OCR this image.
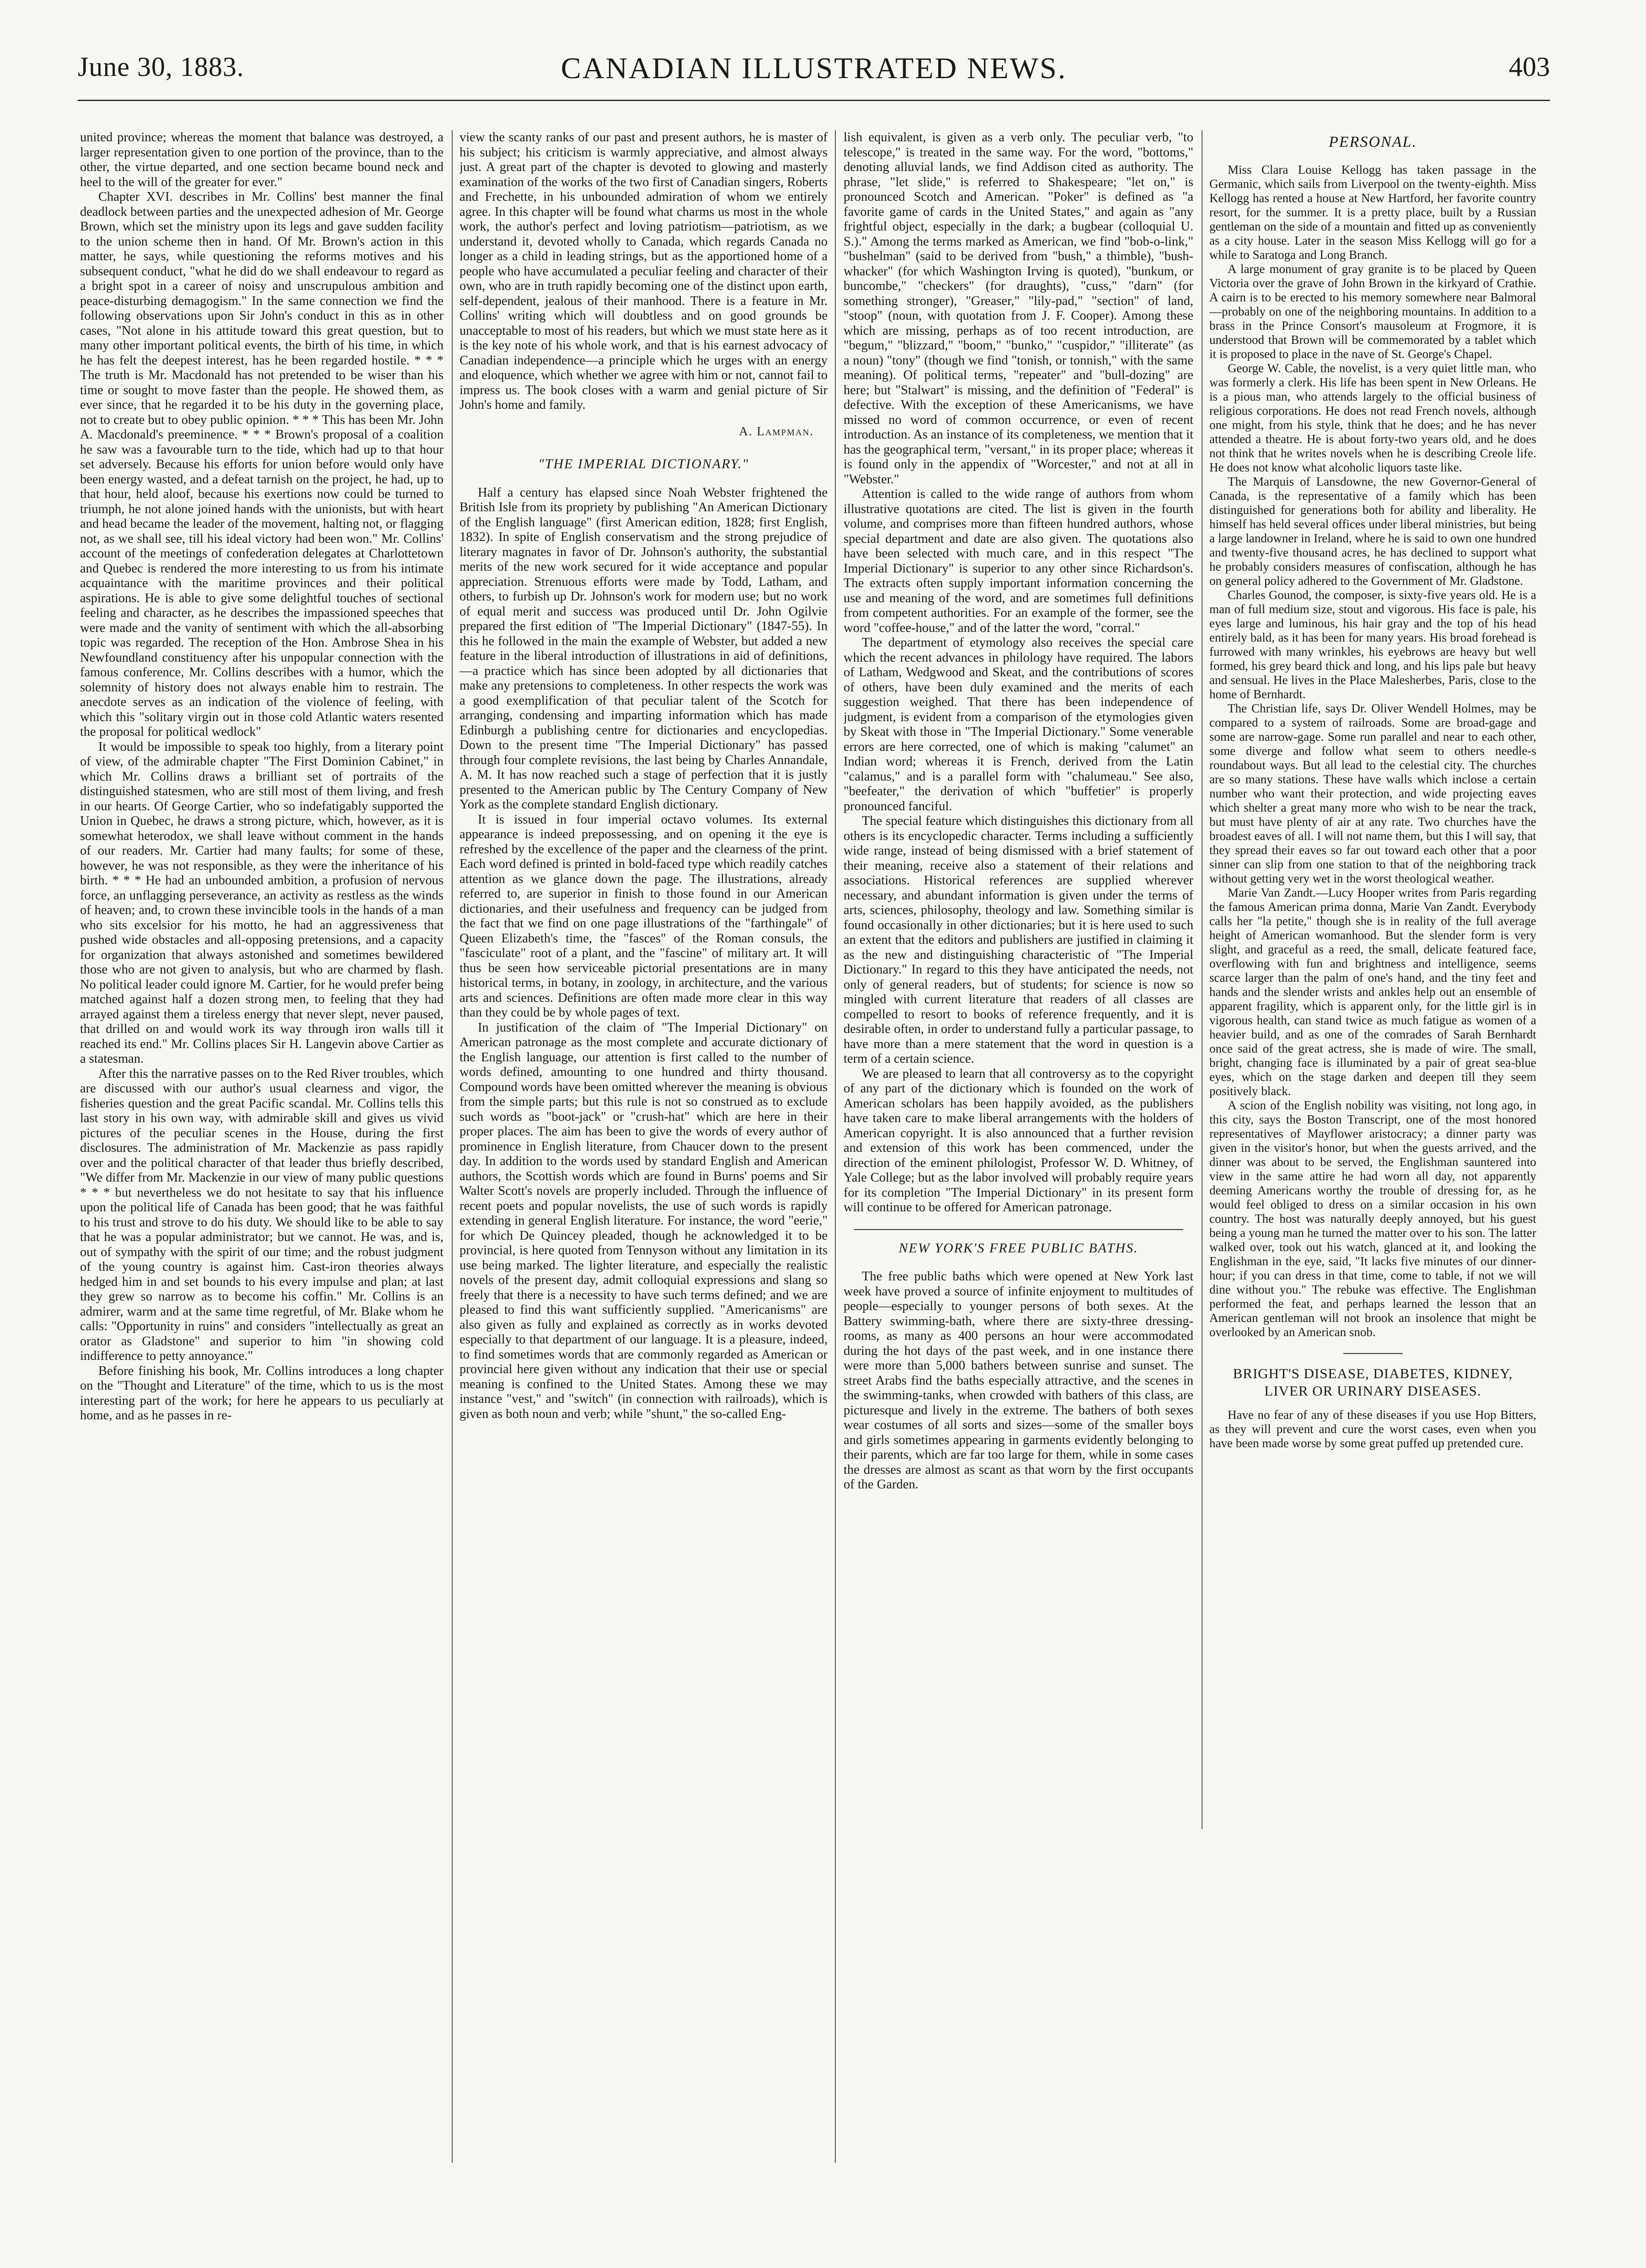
June 30, 1883.	CANADIAN ILLUSTRATED NEWS.	403

united province; whereas the moment that balance was destroyed, a larger representation given to one portion of the province, than to the other, the virtue departed, and one section became bound neck and heel to the will of the greater for ever."

Chapter XVI. describes in Mr. Collins' best manner the final deadlock between parties and the unexpected adhesion of Mr. George Brown, which set the ministry upon its legs and gave sudden facility to the union scheme then in hand. Of Mr. Brown's action in this matter, he says, while questioning the reforms motives and his subsequent conduct, "what he did do we shall endeavour to regard as a bright spot in a career of noisy and unscrupulous ambition and peace-disturbing demagogism." In the same connection we find the following observations upon Sir John's conduct in this as in other cases, "Not alone in his attitude toward this great question, but to many other important political events, the birth of his time, in which he has felt the deepest interest, has he been regarded hostile. * * * The truth is Mr. Macdonald has not pretended to be wiser than his time or sought to move faster than the people. He showed them, as ever since, that he regarded it to be his duty in the governing place, not to create but to obey public opinion. * * * This has been Mr. John A. Macdonald's preeminence. * * * Brown's proposal of a coalition he saw was a favourable turn to the tide, which had up to that hour set adversely. Because his efforts for union before would only have been energy wasted, and a defeat tarnish on the project, he had, up to that hour, held aloof, because his exertions now could be turned to triumph, he not alone joined hands with the unionists, but with heart and head became the leader of the movement, halting not, or flagging not, as we shall see, till his ideal victory had been won." Mr. Collins' account of the meetings of confederation delegates at Charlottetown and Quebec is rendered the more interesting to us from his intimate acquaintance with the maritime provinces and their political aspirations. He is able to give some delightful touches of sectional feeling and character, as he describes the impassioned speeches that were made and the vanity of sentiment with which the all-absorbing topic was regarded. The reception of the Hon. Ambrose Shea in his Newfoundland constituency after his unpopular connection with the famous conference, Mr. Collins describes with a humor, which the solemnity of history does not always enable him to restrain. The anecdote serves as an indication of the violence of feeling, with which this "solitary virgin out in those cold Atlantic waters resented the proposal for political wedlock"

It would be impossible to speak too highly, from a literary point of view, of the admirable chapter "The First Dominion Cabinet," in which Mr. Collins draws a brilliant set of portraits of the distinguished statesmen, who are still most of them living, and fresh in our hearts. Of George Cartier, who so indefatigably supported the Union in Quebec, he draws a strong picture, which, however, as it is somewhat heterodox, we shall leave without comment in the hands of our readers. Mr. Cartier had many faults; for some of these, however, he was not responsible, as they were the inheritance of his birth. * * * He had an unbounded ambition, a profusion of nervous force, an unflagging perseverance, an activity as restless as the winds of heaven; and, to crown these invincible tools in the hands of a man who sits excelsior for his motto, he had an aggressiveness that pushed wide obstacles and all-opposing pretensions, and a capacity for organization that always astonished and sometimes bewildered those who are not given to analysis, but who are charmed by flash. No political leader could ignore M. Cartier, for he would prefer being matched against half a dozen strong men, to feeling that they had arrayed against them a tireless energy that never slept, never paused, that drilled on and would work its way through iron walls till it reached its end." Mr. Collins places Sir H. Langevin above Cartier as a statesman.

After this the narrative passes on to the Red River troubles, which are discussed with our author's usual clearness and vigor, the fisheries question and the great Pacific scandal. Mr. Collins tells this last story in his own way, with admirable skill and gives us vivid pictures of the peculiar scenes in the House, during the first disclosures. The administration of Mr. Mackenzie as pass rapidly over and the political character of that leader thus briefly described, "We differ from Mr. Mackenzie in our view of many public questions * * * but nevertheless we do not hesitate to say that his influence upon the political life of Canada has been good; that he was faithful to his trust and strove to do his duty. We should like to be able to say that he was a popular administrator; but we cannot. He was, and is, out of sympathy with the spirit of our time; and the robust judgment of the young country is against him. Cast-iron theories always hedged him in and set bounds to his every impulse and plan; at last they grew so narrow as to become his coffin." Mr. Collins is an admirer, warm and at the same time regretful, of Mr. Blake whom he calls: "Opportunity in ruins" and considers "intellectually as great an orator as Gladstone" and superior to him "in showing cold indifference to petty annoyance."

Before finishing his book, Mr. Collins introduces a long chapter on the "Thought and Literature" of the time, which to us is the most interesting part of the work; for here he appears to us peculiarly at home, and as he passes in re-

view the scanty ranks of our past and present authors, he is master of his subject; his criticism is warmly appreciative, and almost always just. A great part of the chapter is devoted to glowing and masterly examination of the works of the two first of Canadian singers, Roberts and Frechette, in his unbounded admiration of whom we entirely agree. In this chapter will be found what charms us most in the whole work, the author's perfect and loving patriotism—patriotism, as we understand it, devoted wholly to Canada, which regards Canada no longer as a child in leading strings, but as the apportioned home of a people who have accumulated a peculiar feeling and character of their own, who are in truth rapidly becoming one of the distinct upon earth, self-dependent, jealous of their manhood. There is a feature in Mr. Collins' writing which will doubtless and on good grounds be unacceptable to most of his readers, but which we must state here as it is the key note of his whole work, and that is his earnest advocacy of Canadian independence—a principle which he urges with an energy and eloquence, which whether we agree with him or not, cannot fail to impress us. The book closes with a warm and genial picture of Sir John's home and family.

A. Lampman.
"THE IMPERIAL DICTIONARY."

Half a century has elapsed since Noah Webster frightened the British Isle from its propriety by publishing "An American Dictionary of the English language" (first American edition, 1828; first English, 1832). In spite of English conservatism and the strong prejudice of literary magnates in favor of Dr. Johnson's authority, the substantial merits of the new work secured for it wide acceptance and popular appreciation. Strenuous efforts were made by Todd, Latham, and others, to furbish up Dr. Johnson's work for modern use; but no work of equal merit and success was produced until Dr. John Ogilvie prepared the first edition of "The Imperial Dictionary" (1847-55). In this he followed in the main the example of Webster, but added a new feature in the liberal introduction of illustrations in aid of definitions,—a practice which has since been adopted by all dictionaries that make any pretensions to completeness. In other respects the work was a good exemplification of that peculiar talent of the Scotch for arranging, condensing and imparting information which has made Edinburgh a publishing centre for dictionaries and encyclopedias. Down to the present time "The Imperial Dictionary" has passed through four complete revisions, the last being by Charles Annandale, A. M. It has now reached such a stage of perfection that it is justly presented to the American public by The Century Company of New York as the complete standard English dictionary.

It is issued in four imperial octavo volumes. Its external appearance is indeed prepossessing, and on opening it the eye is refreshed by the excellence of the paper and the clearness of the print. Each word defined is printed in bold-faced type which readily catches attention as we glance down the page. The illustrations, already referred to, are superior in finish to those found in our American dictionaries, and their usefulness and frequency can be judged from the fact that we find on one page illustrations of the "farthingale" of Queen Elizabeth's time, the "fasces" of the Roman consuls, the "fasciculate" root of a plant, and the "fascine" of military art. It will thus be seen how serviceable pictorial presentations are in many historical terms, in botany, in zoology, in architecture, and the various arts and sciences. Definitions are often made more clear in this way than they could be by whole pages of text.

In justification of the claim of "The Imperial Dictionary" on American patronage as the most complete and accurate dictionary of the English language, our attention is first called to the number of words defined, amounting to one hundred and thirty thousand. Compound words have been omitted wherever the meaning is obvious from the simple parts; but this rule is not so construed as to exclude such words as "boot-jack" or "crush-hat" which are here in their proper places. The aim has been to give the words of every author of prominence in English literature, from Chaucer down to the present day. In addition to the words used by standard English and American authors, the Scottish words which are found in Burns' poems and Sir Walter Scott's novels are properly included. Through the influence of recent poets and popular novelists, the use of such words is rapidly extending in general English literature. For instance, the word "eerie," for which De Quincey pleaded, though he acknowledged it to be provincial, is here quoted from Tennyson without any limitation in its use being marked. The lighter literature, and especially the realistic novels of the present day, admit colloquial expressions and slang so freely that there is a necessity to have such terms defined; and we are pleased to find this want sufficiently supplied. "Americanisms" are also given as fully and explained as correctly as in works devoted especially to that department of our language. It is a pleasure, indeed, to find sometimes words that are commonly regarded as American or provincial here given without any indication that their use or special meaning is confined to the United States. Among these we may instance "vest," and "switch" (in connection with railroads), which is given as both noun and verb; while "shunt," the so-called Eng-

lish equivalent, is given as a verb only. The peculiar verb, "to telescope," is treated in the same way. For the word, "bottoms," denoting alluvial lands, we find Addison cited as authority. The phrase, "let slide," is referred to Shakespeare; "let on," is pronounced Scotch and American. "Poker" is defined as "a favorite game of cards in the United States," and again as "any frightful object, especially in the dark; a bugbear (colloquial U. S.)." Among the terms marked as American, we find "bob-o-link," "bushelman" (said to be derived from "bush," a thimble), "bush-whacker" (for which Washington Irving is quoted), "bunkum, or buncombe," "checkers" (for draughts), "cuss," "darn" (for something stronger), "Greaser," "lily-pad," "section" of land, "stoop" (noun, with quotation from J. F. Cooper). Among these which are missing, perhaps as of too recent introduction, are "begum," "blizzard," "boom," "bunko," "cuspidor," "illiterate" (as a noun) "tony" (though we find "tonish, or tonnish," with the same meaning). Of political terms, "repeater" and "bull-dozing" are here; but "Stalwart" is missing, and the definition of "Federal" is defective. With the exception of these Americanisms, we have missed no word of common occurrence, or even of recent introduction. As an instance of its completeness, we mention that it has the geographical term, "versant," in its proper place; whereas it is found only in the appendix of "Worcester," and not at all in "Webster."

Attention is called to the wide range of authors from whom illustrative quotations are cited. The list is given in the fourth volume, and comprises more than fifteen hundred authors, whose special department and date are also given. The quotations also have been selected with much care, and in this respect "The Imperial Dictionary" is superior to any other since Richardson's. The extracts often supply important information concerning the use and meaning of the word, and are sometimes full definitions from competent authorities. For an example of the former, see the word "coffee-house," and of the latter the word, "corral."

The department of etymology also receives the special care which the recent advances in philology have required. The labors of Latham, Wedgwood and Skeat, and the contributions of scores of others, have been duly examined and the merits of each suggestion weighed. That there has been independence of judgment, is evident from a comparison of the etymologies given by Skeat with those in "The Imperial Dictionary." Some venerable errors are here corrected, one of which is making "calumet" an Indian word; whereas it is French, derived from the Latin "calamus," and is a parallel form with "chalumeau." See also, "beefeater," the derivation of which "buffetier" is properly pronounced fanciful.

The special feature which distinguishes this dictionary from all others is its encyclopedic character. Terms including a sufficiently wide range, instead of being dismissed with a brief statement of their meaning, receive also a statement of their relations and associations. Historical references are supplied wherever necessary, and abundant information is given under the terms of arts, sciences, philosophy, theology and law. Something similar is found occasionally in other dictionaries; but it is here used to such an extent that the editors and publishers are justified in claiming it as the new and distinguishing characteristic of "The Imperial Dictionary." In regard to this they have anticipated the needs, not only of general readers, but of students; for science is now so mingled with current literature that readers of all classes are compelled to resort to books of reference frequently, and it is desirable often, in order to understand fully a particular passage, to have more than a mere statement that the word in question is a term of a certain science.

We are pleased to learn that all controversy as to the copyright of any part of the dictionary which is founded on the work of American scholars has been happily avoided, as the publishers have taken care to make liberal arrangements with the holders of American copyright. It is also announced that a further revision and extension of this work has been commenced, under the direction of the eminent philologist, Professor W. D. Whitney, of Yale College; but as the labor involved will probably require years for its completion "The Imperial Dictionary" in its present form will continue to be offered for American patronage.

NEW YORK'S FREE PUBLIC BATHS.

The free public baths which were opened at New York last week have proved a source of infinite enjoyment to multitudes of people—especially to younger persons of both sexes. At the Battery swimming-bath, where there are sixty-three dressing-rooms, as many as 400 persons an hour were accommodated during the hot days of the past week, and in one instance there were more than 5,000 bathers between sunrise and sunset. The street Arabs find the baths especially attractive, and the scenes in the swimming-tanks, when crowded with bathers of this class, are picturesque and lively in the extreme. The bathers of both sexes wear costumes of all sorts and sizes—some of the smaller boys and girls sometimes appearing in garments evidently belonging to their parents, which are far too large for them, while in some cases the dresses are almost as scant as that worn by the first occupants of the Garden.

PERSONAL.

Miss Clara Louise Kellogg has taken passage in the Germanic, which sails from Liverpool on the twenty-eighth. Miss Kellogg has rented a house at New Hartford, her favorite country resort, for the summer. It is a pretty place, built by a Russian gentleman on the side of a mountain and fitted up as conveniently as a city house. Later in the season Miss Kellogg will go for a while to Saratoga and Long Branch.

A large monument of gray granite is to be placed by Queen Victoria over the grave of John Brown in the kirkyard of Crathie. A cairn is to be erected to his memory somewhere near Balmoral—probably on one of the neighboring mountains. In addition to a brass in the Prince Consort's mausoleum at Frogmore, it is understood that Brown will be commemorated by a tablet which it is proposed to place in the nave of St. George's Chapel.

George W. Cable, the novelist, is a very quiet little man, who was formerly a clerk. His life has been spent in New Orleans. He is a pious man, who attends largely to the official business of religious corporations. He does not read French novels, although one might, from his style, think that he does; and he has never attended a theatre. He is about forty-two years old, and he does not think that he writes novels when he is describing Creole life. He does not know what alcoholic liquors taste like.

The Marquis of Lansdowne, the new Governor-General of Canada, is the representative of a family which has been distinguished for generations both for ability and liberality. He himself has held several offices under liberal ministries, but being a large landowner in Ireland, where he is said to own one hundred and twenty-five thousand acres, he has declined to support what he probably considers measures of confiscation, although he has on general policy adhered to the Government of Mr. Gladstone.

Charles Gounod, the composer, is sixty-five years old. He is a man of full medium size, stout and vigorous. His face is pale, his eyes large and luminous, his hair gray and the top of his head entirely bald, as it has been for many years. His broad forehead is furrowed with many wrinkles, his eyebrows are heavy but well formed, his grey beard thick and long, and his lips pale but heavy and sensual. He lives in the Place Malesherbes, Paris, close to the home of Bernhardt.

The Christian life, says Dr. Oliver Wendell Holmes, may be compared to a system of railroads. Some are broad-gage and some are narrow-gage. Some run parallel and near to each other, some diverge and follow what seem to others needle-s roundabout ways. But all lead to the celestial city. The churches are so many stations. These have walls which inclose a certain number who want their protection, and wide projecting eaves which shelter a great many more who wish to be near the track, but must have plenty of air at any rate. Two churches have the broadest eaves of all. I will not name them, but this I will say, that they spread their eaves so far out toward each other that a poor sinner can slip from one station to that of the neighboring track without getting very wet in the worst theological weather.

Marie Van Zandt.—Lucy Hooper writes from Paris regarding the famous American prima donna, Marie Van Zandt. Everybody calls her "la petite," though she is in reality of the full average height of American womanhood. But the slender form is very slight, and graceful as a reed, the small, delicate featured face, overflowing with fun and brightness and intelligence, seems scarce larger than the palm of one's hand, and the tiny feet and hands and the slender wrists and ankles help out an ensemble of apparent fragility, which is apparent only, for the little girl is in vigorous health, can stand twice as much fatigue as women of a heavier build, and as one of the comrades of Sarah Bernhardt once said of the great actress, she is made of wire. The small, bright, changing face is illuminated by a pair of great sea-blue eyes, which on the stage darken and deepen till they seem positively black.

A scion of the English nobility was visiting, not long ago, in this city, says the Boston Transcript, one of the most honored representatives of Mayflower aristocracy; a dinner party was given in the visitor's honor, but when the guests arrived, and the dinner was about to be served, the Englishman sauntered into view in the same attire he had worn all day, not apparently deeming Americans worthy the trouble of dressing for, as he would feel obliged to dress on a similar occasion in his own country. The host was naturally deeply annoyed, but his guest being a young man he turned the matter over to his son. The latter walked over, took out his watch, glanced at it, and looking the Englishman in the eye, said, "It lacks five minutes of our dinner-hour; if you can dress in that time, come to table, if not we will dine without you." The rebuke was effective. The Englishman performed the feat, and perhaps learned the lesson that an American gentleman will not brook an insolence that might be overlooked by an American snob.

BRIGHT'S DISEASE, DIABETES, KIDNEY, LIVER OR URINARY DISEASES.

Have no fear of any of these diseases if you use Hop Bitters, as they will prevent and cure the worst cases, even when you have been made worse by some great puffed up pretended cure.
